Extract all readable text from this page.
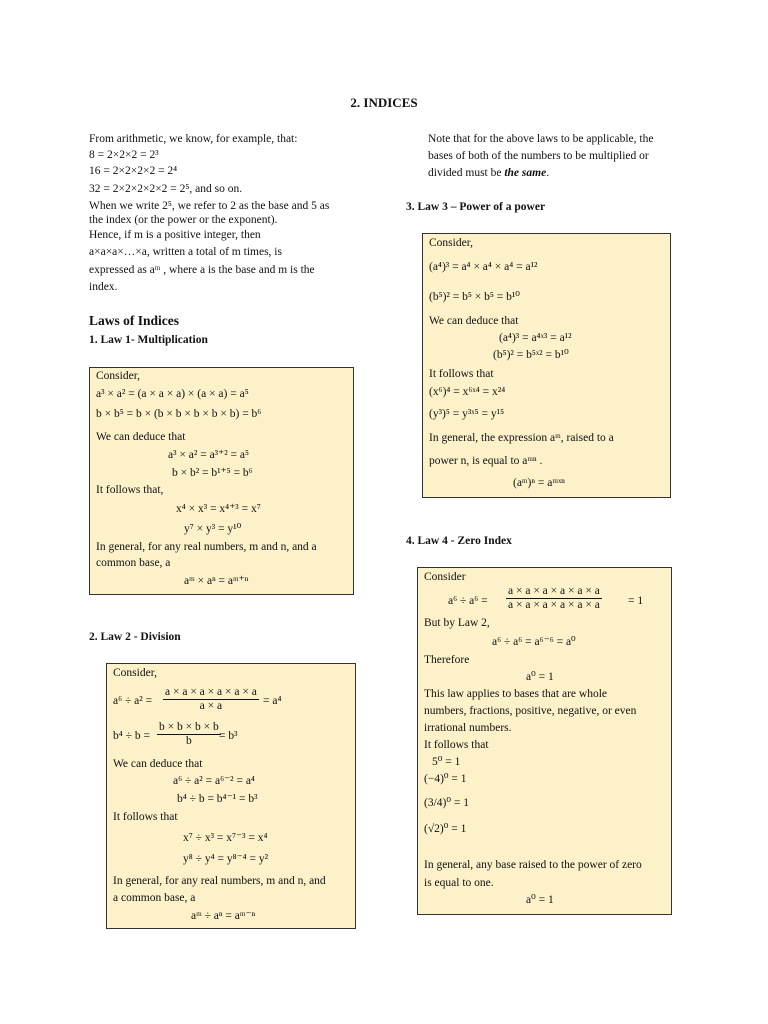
2. INDICES
From arithmetic, we know, for example, that:
8 = 2×2×2 = 2³
16 = 2×2×2×2 = 2⁴
32 = 2×2×2×2×2 = 2⁵, and so on.
When we write 2⁵, we refer to 2 as the base and 5 as
the index (or the power or the exponent).
Hence, if m is a positive integer, then
a×a×a×…×a, written a total of m times, is
expressed as aᵐ , where a is the base and m is the
index.
Laws of Indices
1. Law 1- Multiplication
Consider,
a³ × a² = (a × a × a) × (a × a) = a⁵
b × b⁵ = b × (b × b × b × b × b) = b⁶
We can deduce that
a³ × a² = a³⁺² = a⁵
b × b² = b¹⁺⁵ = b⁶
It follows that,
x⁴ × x³ = x⁴⁺³ = x⁷
y⁷ × y³ = y¹⁰
In general, for any real numbers, m and n, and a
common base, a
aᵐ × aⁿ = aᵐ⁺ⁿ
2. Law 2 - Division
Consider,
$a^6 \div a^2 = \frac{a \times a \times a \times a \times a \times a}{a \times a} = a^4$
$b^4 \div b = \frac{b \times b \times b \times b}{b}$
= b³
We can deduce that
a⁶ ÷ a² = a⁶⁻² = a⁴
b⁴ ÷ b = b⁴⁻¹ = b³
It follows that
x⁷ ÷ x³ = x⁷⁻³ = x⁴
y⁸ ÷ y⁴ = y⁸⁻⁴ = y²
In general, for any real numbers, m and n, and
a common base, a
aᵐ ÷ aⁿ = aᵐ⁻ⁿ
Note that for the above laws to be applicable, the
bases of both of the numbers to be multiplied or
divided must be the same.
3. Law 3 – Power of a power
Consider,
(a⁴)³ = a⁴ × a⁴ × a⁴ = a¹²
(b⁵)² = b⁵ × b⁵ = b¹⁰
We can deduce that
(a⁴)³ = a⁴ˣ³ = a¹²
(b⁵)² = b⁵ˣ² = b¹⁰
It follows that
(x⁶)⁴ = x⁶ˣ⁴ = x²⁴
(y³)⁵ = y³ˣ⁵ = y¹⁵
In general, the expression aᵐ, raised to a
power n, is equal to aᵐⁿ .
(aᵐ)ⁿ = aᵐˣⁿ
4. Law 4 - Zero Index
Consider
$a^6 \div a^6 = \frac{a \times a \times a \times a \times a \times a}{a \times a \times a \times a \times a \times a} = 1$
But by Law 2,
a⁶ ÷ a⁶ = a⁶⁻⁶ = a⁰
Therefore
a⁰ = 1
This law applies to bases that are whole
numbers, fractions, positive, negative, or even
irrational numbers.
It follows that
5⁰ = 1
(−4)⁰ = 1
(3/4)⁰ = 1
(√2)⁰ = 1
In general, any base raised to the power of zero
is equal to one.
a⁰ = 1
